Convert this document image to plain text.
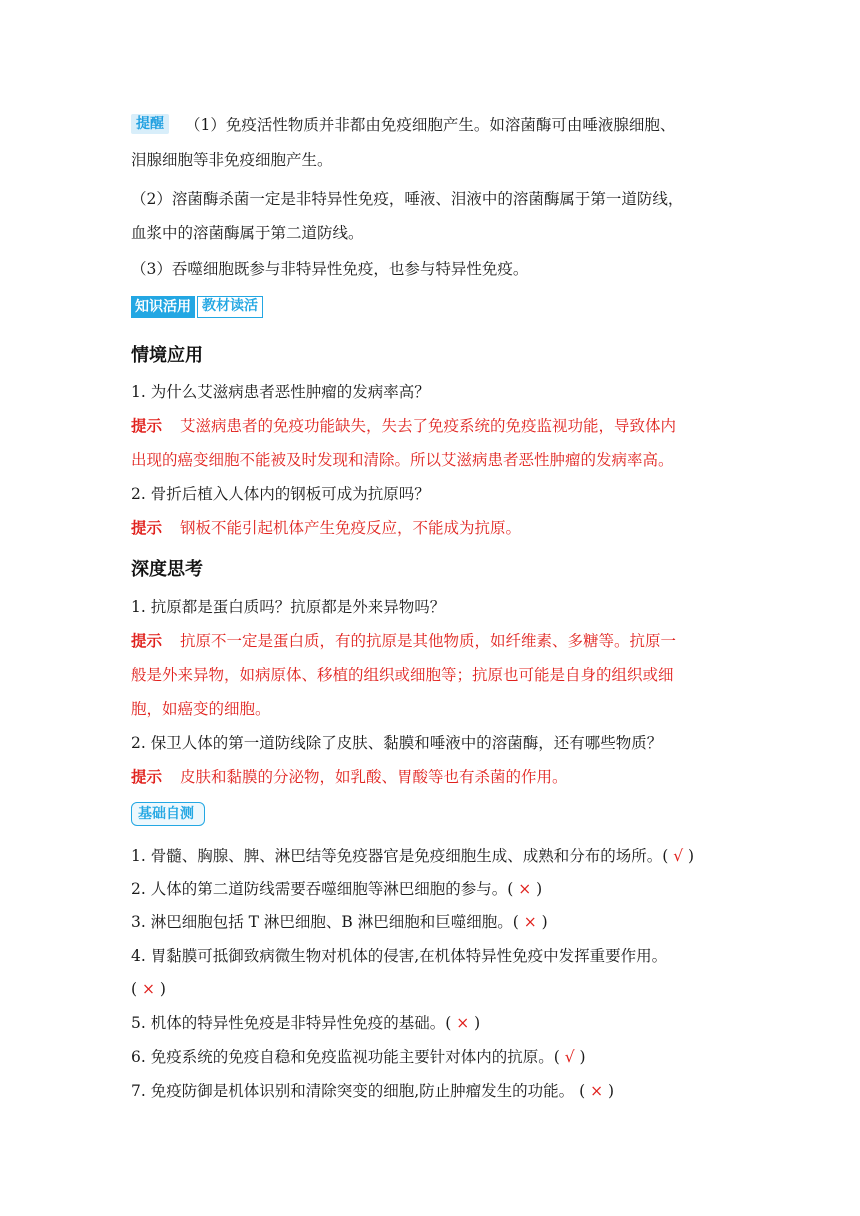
提醒	（1）免疫活性物质并非都由免疫细胞产生。如溶菌酶可由唾液腺细胞、
泪腺细胞等非免疫细胞产生。
（2）溶菌酶杀菌一定是非特异性免疫，唾液、泪液中的溶菌酶属于第一道防线，
血浆中的溶菌酶属于第二道防线。
（3）吞噬细胞既参与非特异性免疫，也参与特异性免疫。
知识活用 教材读活
情境应用
1. 为什么艾滋病患者恶性肿瘤的发病率高？
提示 艾滋病患者的免疫功能缺失，失去了免疫系统的免疫监视功能，导致体内
出现的癌变细胞不能被及时发现和清除。所以艾滋病患者恶性肿瘤的发病率高。
2. 骨折后植入人体内的钢板可成为抗原吗？
提示 钢板不能引起机体产生免疫反应，不能成为抗原。
深度思考
1. 抗原都是蛋白质吗？抗原都是外来异物吗？
提示 抗原不一定是蛋白质，有的抗原是其他物质，如纤维素、多糖等。抗原一
般是外来异物，如病原体、移植的组织或细胞等；抗原也可能是自身的组织或细
胞，如癌变的细胞。
2. 保卫人体的第一道防线除了皮肤、黏膜和唾液中的溶菌酶，还有哪些物质？
提示 皮肤和黏膜的分泌物，如乳酸、胃酸等也有杀菌的作用。
基础自测
1. 骨髓、胸腺、脾、淋巴结等免疫器官是免疫细胞生成、成熟和分布的场所。( √ )
2. 人体的第二道防线需要吞噬细胞等淋巴细胞的参与。( × )
3. 淋巴细胞包括 T 淋巴细胞、B 淋巴细胞和巨噬细胞。( × )
4. 胃黏膜可抵御致病微生物对机体的侵害,在机体特异性免疫中发挥重要作用。
( × )
5. 机体的特异性免疫是非特异性免疫的基础。( × )
6. 免疫系统的免疫自稳和免疫监视功能主要针对体内的抗原。( √ )
7. 免疫防御是机体识别和清除突变的细胞,防止肿瘤发生的功能。 ( × )
